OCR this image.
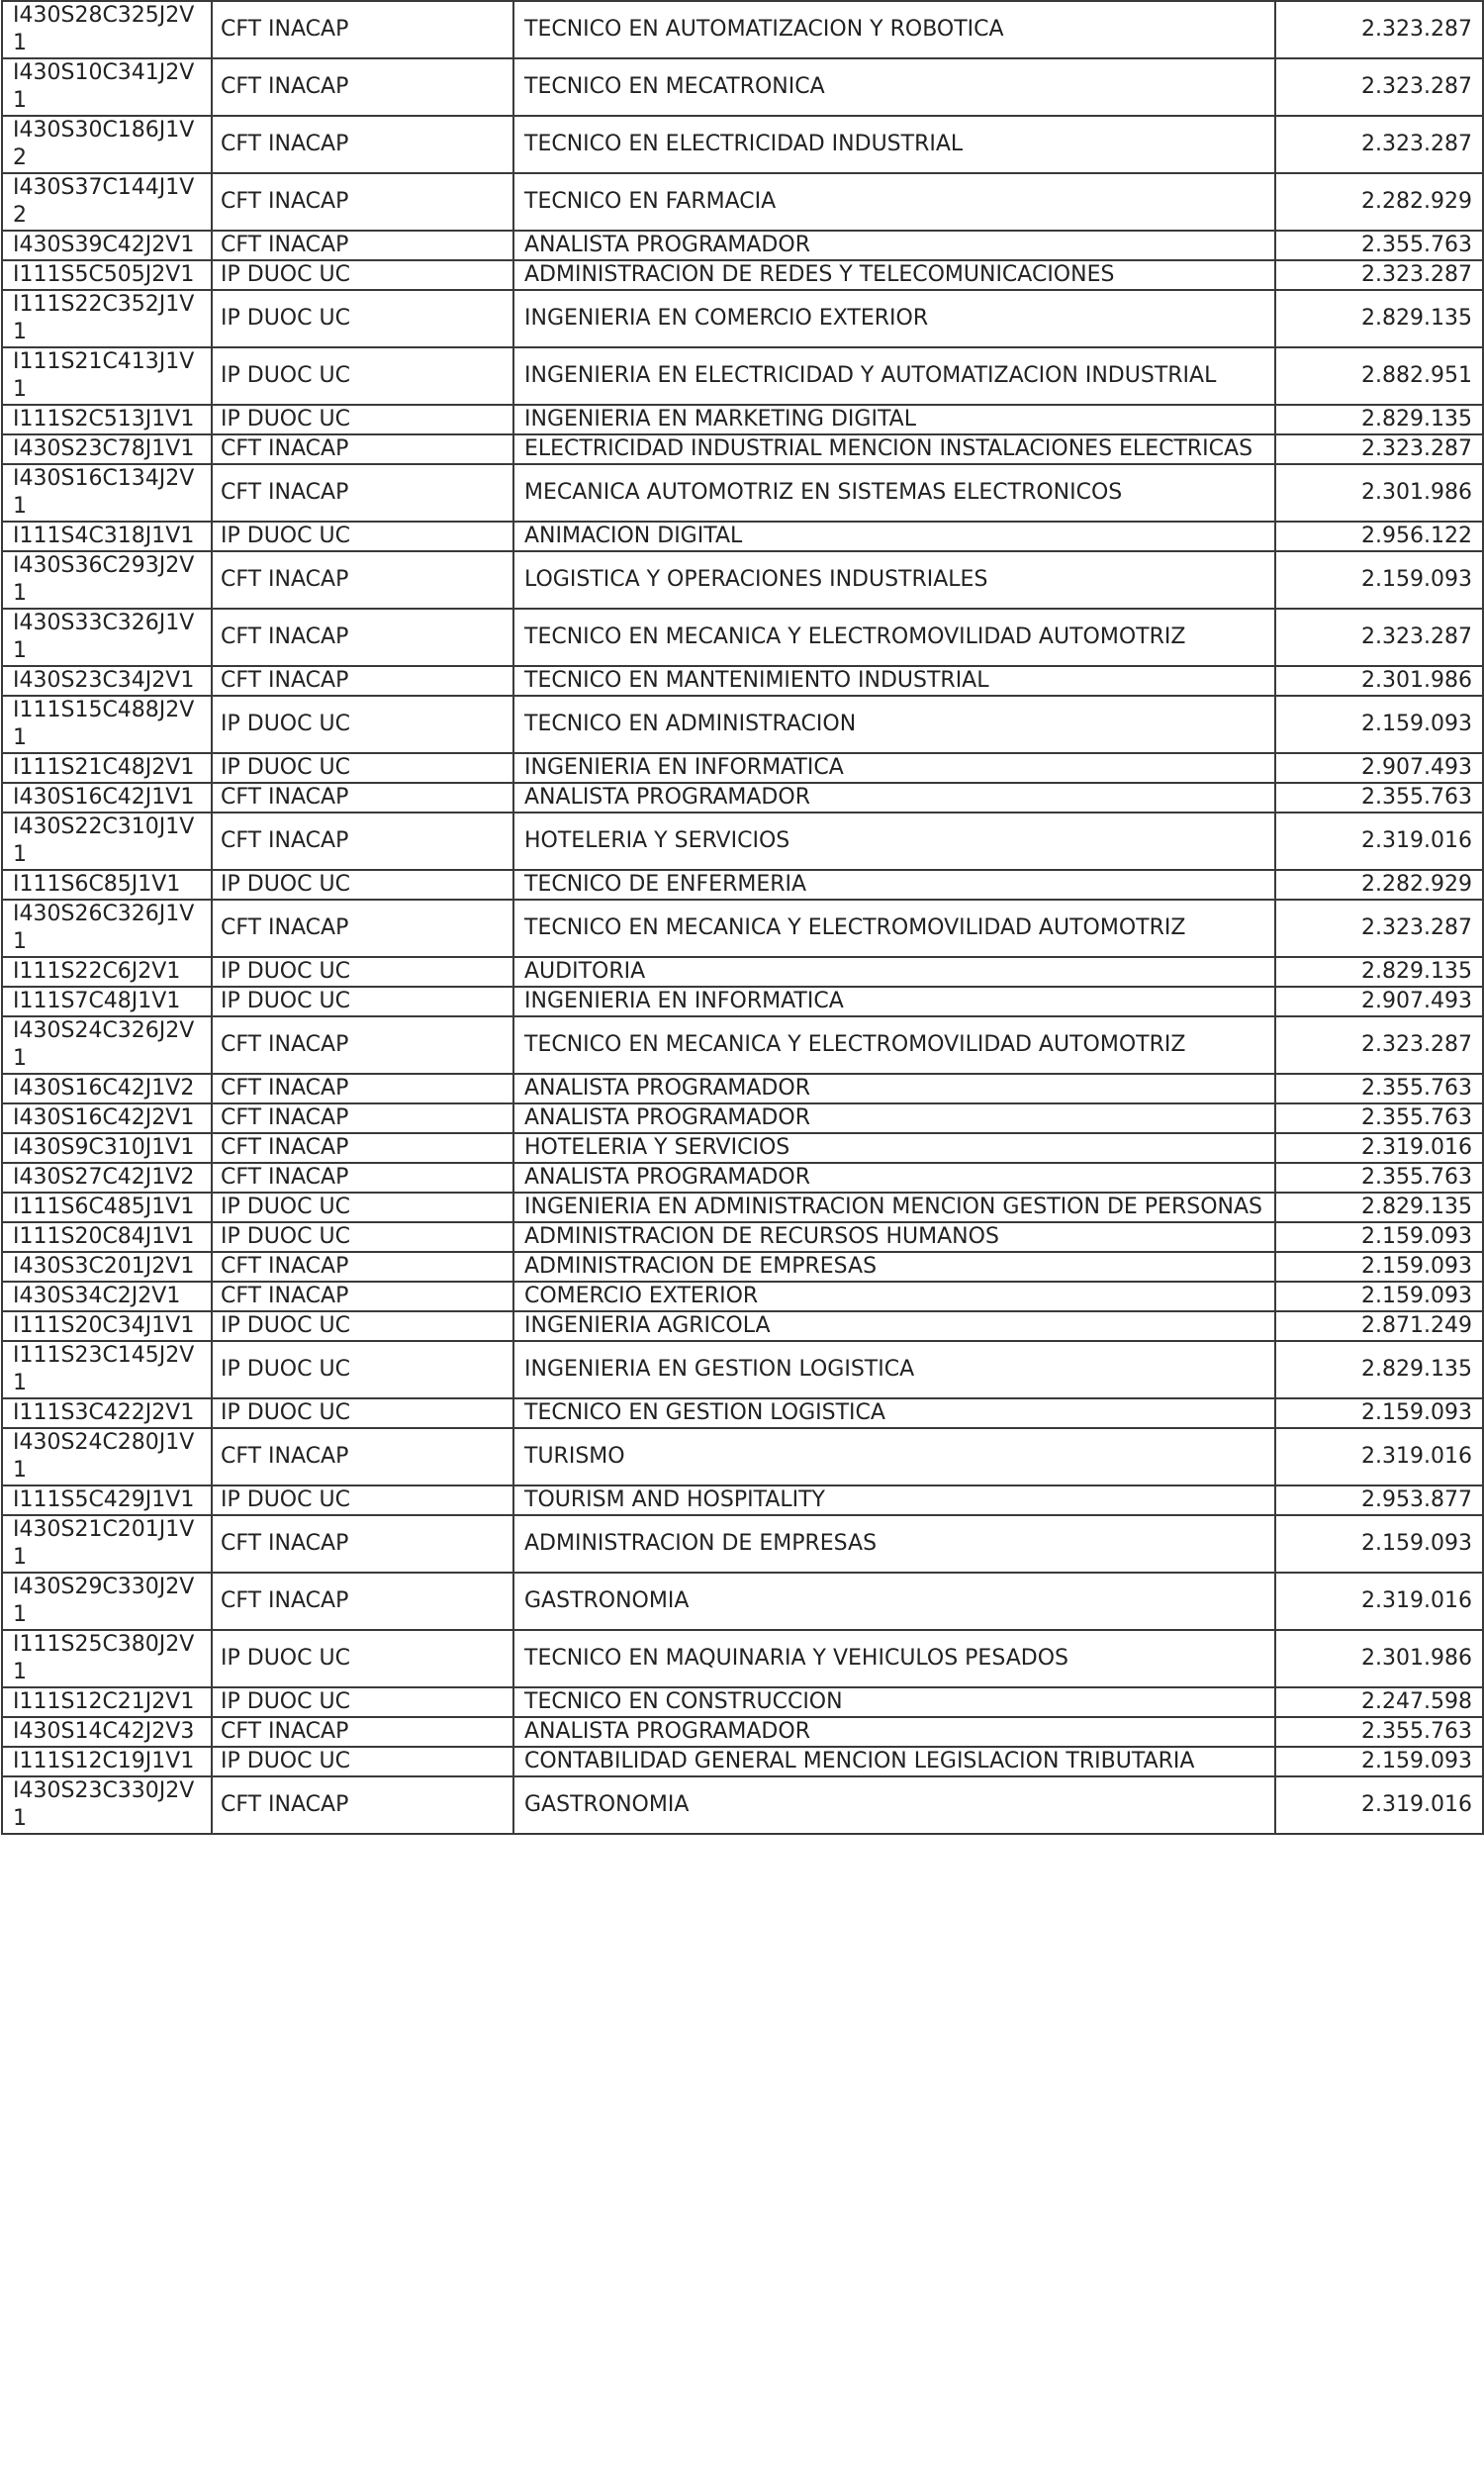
I430S28C325J2V1	CFT INACAP	TECNICO EN AUTOMATIZACION Y ROBOTICA	2.323.287
I430S10C341J2V1	CFT INACAP	TECNICO EN MECATRONICA	2.323.287
I430S30C186J1V2	CFT INACAP	TECNICO EN ELECTRICIDAD INDUSTRIAL	2.323.287
I430S37C144J1V2	CFT INACAP	TECNICO EN FARMACIA	2.282.929
I430S39C42J2V1	CFT INACAP	ANALISTA PROGRAMADOR	2.355.763
I111S5C505J2V1	IP DUOC UC	ADMINISTRACION DE REDES Y TELECOMUNICACIONES	2.323.287
I111S22C352J1V1	IP DUOC UC	INGENIERIA EN COMERCIO EXTERIOR	2.829.135
I111S21C413J1V1	IP DUOC UC	INGENIERIA EN ELECTRICIDAD Y AUTOMATIZACION INDUSTRIAL	2.882.951
I111S2C513J1V1	IP DUOC UC	INGENIERIA EN MARKETING DIGITAL	2.829.135
I430S23C78J1V1	CFT INACAP	ELECTRICIDAD INDUSTRIAL MENCION INSTALACIONES ELECTRICAS	2.323.287
I430S16C134J2V1	CFT INACAP	MECANICA AUTOMOTRIZ EN SISTEMAS ELECTRONICOS	2.301.986
I111S4C318J1V1	IP DUOC UC	ANIMACION DIGITAL	2.956.122
I430S36C293J2V1	CFT INACAP	LOGISTICA Y OPERACIONES INDUSTRIALES	2.159.093
I430S33C326J1V1	CFT INACAP	TECNICO EN MECANICA Y ELECTROMOVILIDAD AUTOMOTRIZ	2.323.287
I430S23C34J2V1	CFT INACAP	TECNICO EN MANTENIMIENTO INDUSTRIAL	2.301.986
I111S15C488J2V1	IP DUOC UC	TECNICO EN ADMINISTRACION	2.159.093
I111S21C48J2V1	IP DUOC UC	INGENIERIA EN INFORMATICA	2.907.493
I430S16C42J1V1	CFT INACAP	ANALISTA PROGRAMADOR	2.355.763
I430S22C310J1V1	CFT INACAP	HOTELERIA Y SERVICIOS	2.319.016
I111S6C85J1V1	IP DUOC UC	TECNICO DE ENFERMERIA	2.282.929
I430S26C326J1V1	CFT INACAP	TECNICO EN MECANICA Y ELECTROMOVILIDAD AUTOMOTRIZ	2.323.287
I111S22C6J2V1	IP DUOC UC	AUDITORIA	2.829.135
I111S7C48J1V1	IP DUOC UC	INGENIERIA EN INFORMATICA	2.907.493
I430S24C326J2V1	CFT INACAP	TECNICO EN MECANICA Y ELECTROMOVILIDAD AUTOMOTRIZ	2.323.287
I430S16C42J1V2	CFT INACAP	ANALISTA PROGRAMADOR	2.355.763
I430S16C42J2V1	CFT INACAP	ANALISTA PROGRAMADOR	2.355.763
I430S9C310J1V1	CFT INACAP	HOTELERIA Y SERVICIOS	2.319.016
I430S27C42J1V2	CFT INACAP	ANALISTA PROGRAMADOR	2.355.763
I111S6C485J1V1	IP DUOC UC	INGENIERIA EN ADMINISTRACION MENCION GESTION DE PERSONAS	2.829.135
I111S20C84J1V1	IP DUOC UC	ADMINISTRACION DE RECURSOS HUMANOS	2.159.093
I430S3C201J2V1	CFT INACAP	ADMINISTRACION DE EMPRESAS	2.159.093
I430S34C2J2V1	CFT INACAP	COMERCIO EXTERIOR	2.159.093
I111S20C34J1V1	IP DUOC UC	INGENIERIA AGRICOLA	2.871.249
I111S23C145J2V1	IP DUOC UC	INGENIERIA EN GESTION LOGISTICA	2.829.135
I111S3C422J2V1	IP DUOC UC	TECNICO EN GESTION LOGISTICA	2.159.093
I430S24C280J1V1	CFT INACAP	TURISMO	2.319.016
I111S5C429J1V1	IP DUOC UC	TOURISM AND HOSPITALITY	2.953.877
I430S21C201J1V1	CFT INACAP	ADMINISTRACION DE EMPRESAS	2.159.093
I430S29C330J2V1	CFT INACAP	GASTRONOMIA	2.319.016
I111S25C380J2V1	IP DUOC UC	TECNICO EN MAQUINARIA Y VEHICULOS PESADOS	2.301.986
I111S12C21J2V1	IP DUOC UC	TECNICO EN CONSTRUCCION	2.247.598
I430S14C42J2V3	CFT INACAP	ANALISTA PROGRAMADOR	2.355.763
I111S12C19J1V1	IP DUOC UC	CONTABILIDAD GENERAL MENCION LEGISLACION TRIBUTARIA	2.159.093
I430S23C330J2V1	CFT INACAP	GASTRONOMIA	2.319.016
